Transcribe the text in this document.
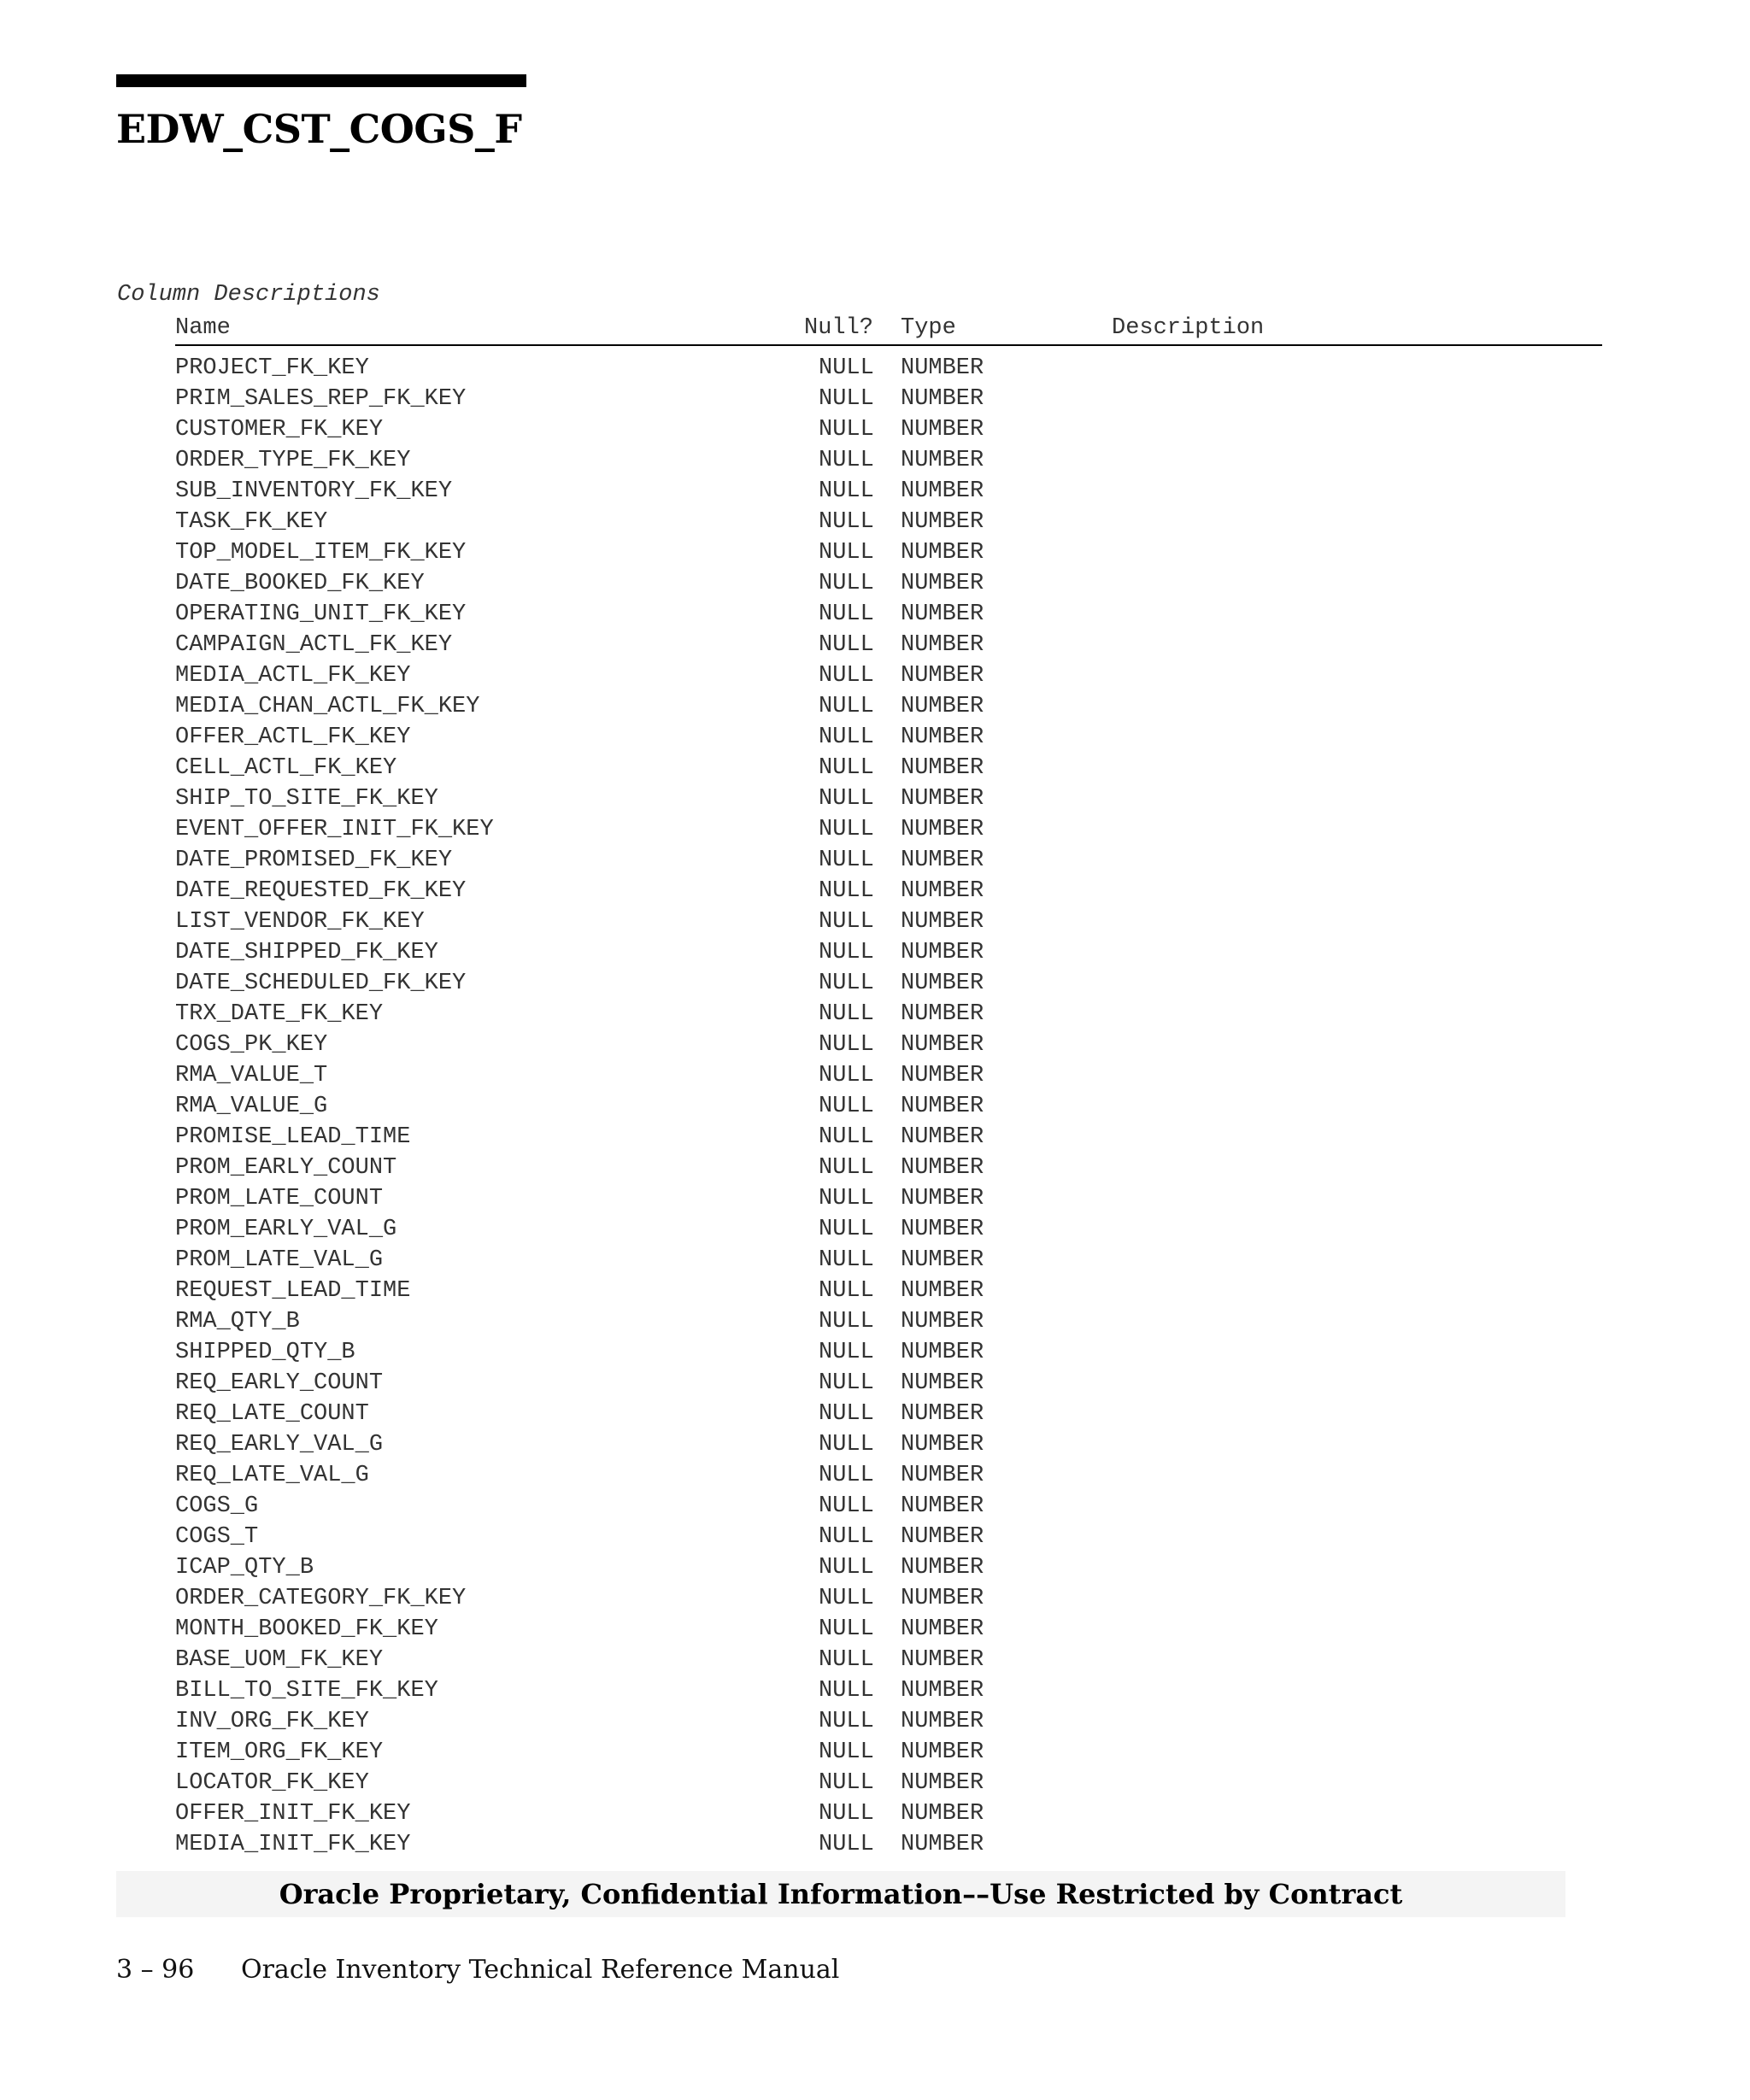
EDW_CST_COGS_F
Column Descriptions
Name	Null? Type	Description
PROJECT_FK_KEY	NULL NUMBER
PRIM_SALES_REP_FK_KEY	NULL NUMBER
CUSTOMER_FK_KEY	NULL NUMBER
ORDER_TYPE_FK_KEY	NULL NUMBER
SUB_INVENTORY_FK_KEY	NULL NUMBER
TASK_FK_KEY	NULL NUMBER
TOP_MODEL_ITEM_FK_KEY	NULL NUMBER
DATE_BOOKED_FK_KEY	NULL NUMBER
OPERATING_UNIT_FK_KEY	NULL NUMBER
CAMPAIGN_ACTL_FK_KEY	NULL NUMBER
MEDIA_ACTL_FK_KEY	NULL NUMBER
MEDIA_CHAN_ACTL_FK_KEY	NULL NUMBER
OFFER_ACTL_FK_KEY	NULL NUMBER
CELL_ACTL_FK_KEY	NULL NUMBER
SHIP_TO_SITE_FK_KEY	NULL NUMBER
EVENT_OFFER_INIT_FK_KEY	NULL NUMBER
DATE_PROMISED_FK_KEY	NULL NUMBER
DATE_REQUESTED_FK_KEY	NULL NUMBER
LIST_VENDOR_FK_KEY	NULL NUMBER
DATE_SHIPPED_FK_KEY	NULL NUMBER
DATE_SCHEDULED_FK_KEY	NULL NUMBER
TRX_DATE_FK_KEY	NULL NUMBER
COGS_PK_KEY	NULL NUMBER
RMA_VALUE_T	NULL NUMBER
RMA_VALUE_G	NULL NUMBER
PROMISE_LEAD_TIME	NULL NUMBER
PROM_EARLY_COUNT	NULL NUMBER
PROM_LATE_COUNT	NULL NUMBER
PROM_EARLY_VAL_G	NULL NUMBER
PROM_LATE_VAL_G	NULL NUMBER
REQUEST_LEAD_TIME	NULL NUMBER
RMA_QTY_B	NULL NUMBER
SHIPPED_QTY_B	NULL NUMBER
REQ_EARLY_COUNT	NULL NUMBER
REQ_LATE_COUNT	NULL NUMBER
REQ_EARLY_VAL_G	NULL NUMBER
REQ_LATE_VAL_G	NULL NUMBER
COGS_G	NULL NUMBER
COGS_T	NULL NUMBER
ICAP_QTY_B	NULL NUMBER
ORDER_CATEGORY_FK_KEY	NULL NUMBER
MONTH_BOOKED_FK_KEY	NULL NUMBER
BASE_UOM_FK_KEY	NULL NUMBER
BILL_TO_SITE_FK_KEY	NULL NUMBER
INV_ORG_FK_KEY	NULL NUMBER
ITEM_ORG_FK_KEY	NULL NUMBER
LOCATOR_FK_KEY	NULL NUMBER
OFFER_INIT_FK_KEY	NULL NUMBER
MEDIA_INIT_FK_KEY	NULL NUMBER
Oracle Proprietary, Confidential Information––Use Restricted by Contract
3 – 96 Oracle Inventory Technical Reference Manual
